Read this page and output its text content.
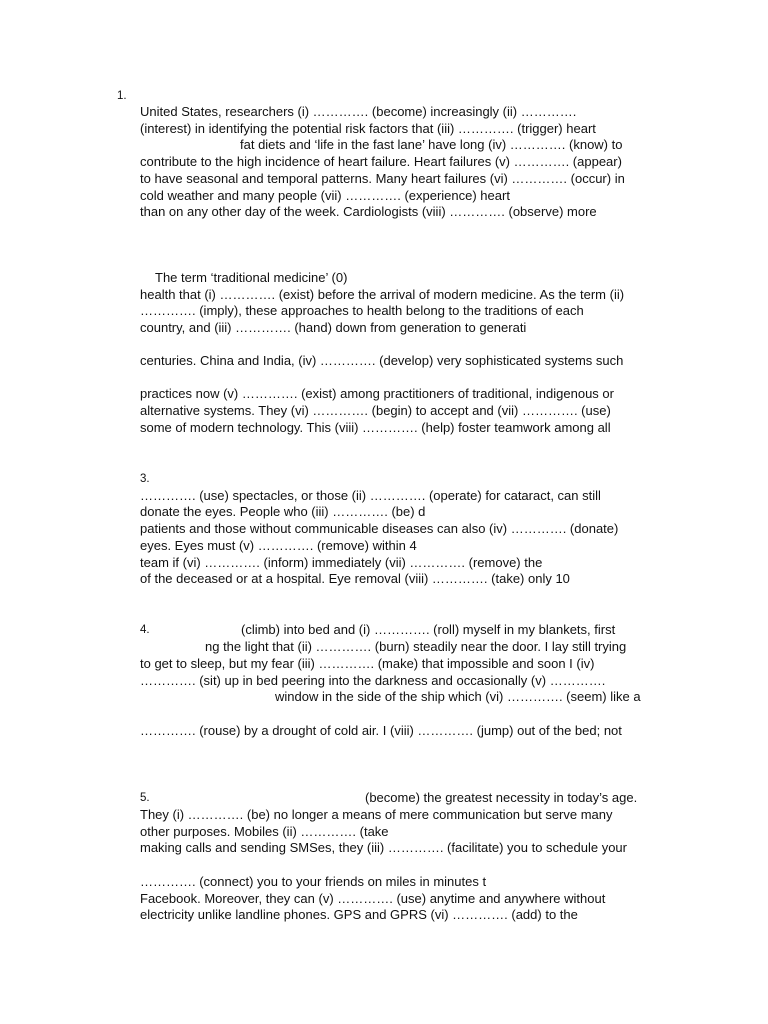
1.
United States, researchers (i) …………. (become) increasingly (ii) ………….
(interest) in identifying the potential risk factors that (iii) …………. (trigger) heart
fat diets and ‘life in the fast lane’ have long (iv) …………. (know) to
contribute to the high incidence of heart failure. Heart failures (v) …………. (appear)
to have seasonal and temporal patterns. Many heart failures (vi) …………. (occur) in
cold weather and many people (vii) …………. (experience) heart
than on any other day of the week. Cardiologists (viii) …………. (observe) more
The term ‘traditional medicine’ (0)
health that (i) …………. (exist) before the arrival of modern medicine. As the term (ii)
…………. (imply), these approaches to health belong to the traditions of each
country, and (iii) …………. (hand) down from generation to generati
centuries. China and India, (iv) …………. (develop) very sophisticated systems such
practices now (v) …………. (exist) among practitioners of traditional, indigenous or
alternative systems. They (vi) …………. (begin) to accept and (vii) …………. (use)
some of modern technology. This (viii) …………. (help) foster teamwork among all
3.
…………. (use) spectacles, or those (ii) …………. (operate) for cataract, can still
donate the eyes. People who (iii) …………. (be) d
patients and those without communicable diseases can also (iv) …………. (donate)
eyes. Eyes must (v) …………. (remove) within 4
team if (vi) …………. (inform) immediately (vii) …………. (remove) the
of the deceased or at a hospital. Eye removal (viii) …………. (take) only 10
4.	(climb) into bed and (i) …………. (roll) myself in my blankets, first
ng the light that (ii) …………. (burn) steadily near the door. I lay still trying
to get to sleep, but my fear (iii) …………. (make) that impossible and soon I (iv)
…………. (sit) up in bed peering into the darkness and occasionally (v) ………….
window in the side of the ship which (vi) …………. (seem) like a
…………. (rouse) by a drought of cold air. I (viii) …………. (jump) out of the bed; not
5.	(become) the greatest necessity in today’s age.
They (i) …………. (be) no longer a means of mere communication but serve many
other purposes. Mobiles (ii) …………. (take
making calls and sending SMSes, they (iii) …………. (facilitate) you to schedule your
…………. (connect) you to your friends on miles in minutes t
Facebook. Moreover, they can (v) …………. (use) anytime and anywhere without
electricity unlike landline phones. GPS and GPRS (vi) …………. (add) to the
